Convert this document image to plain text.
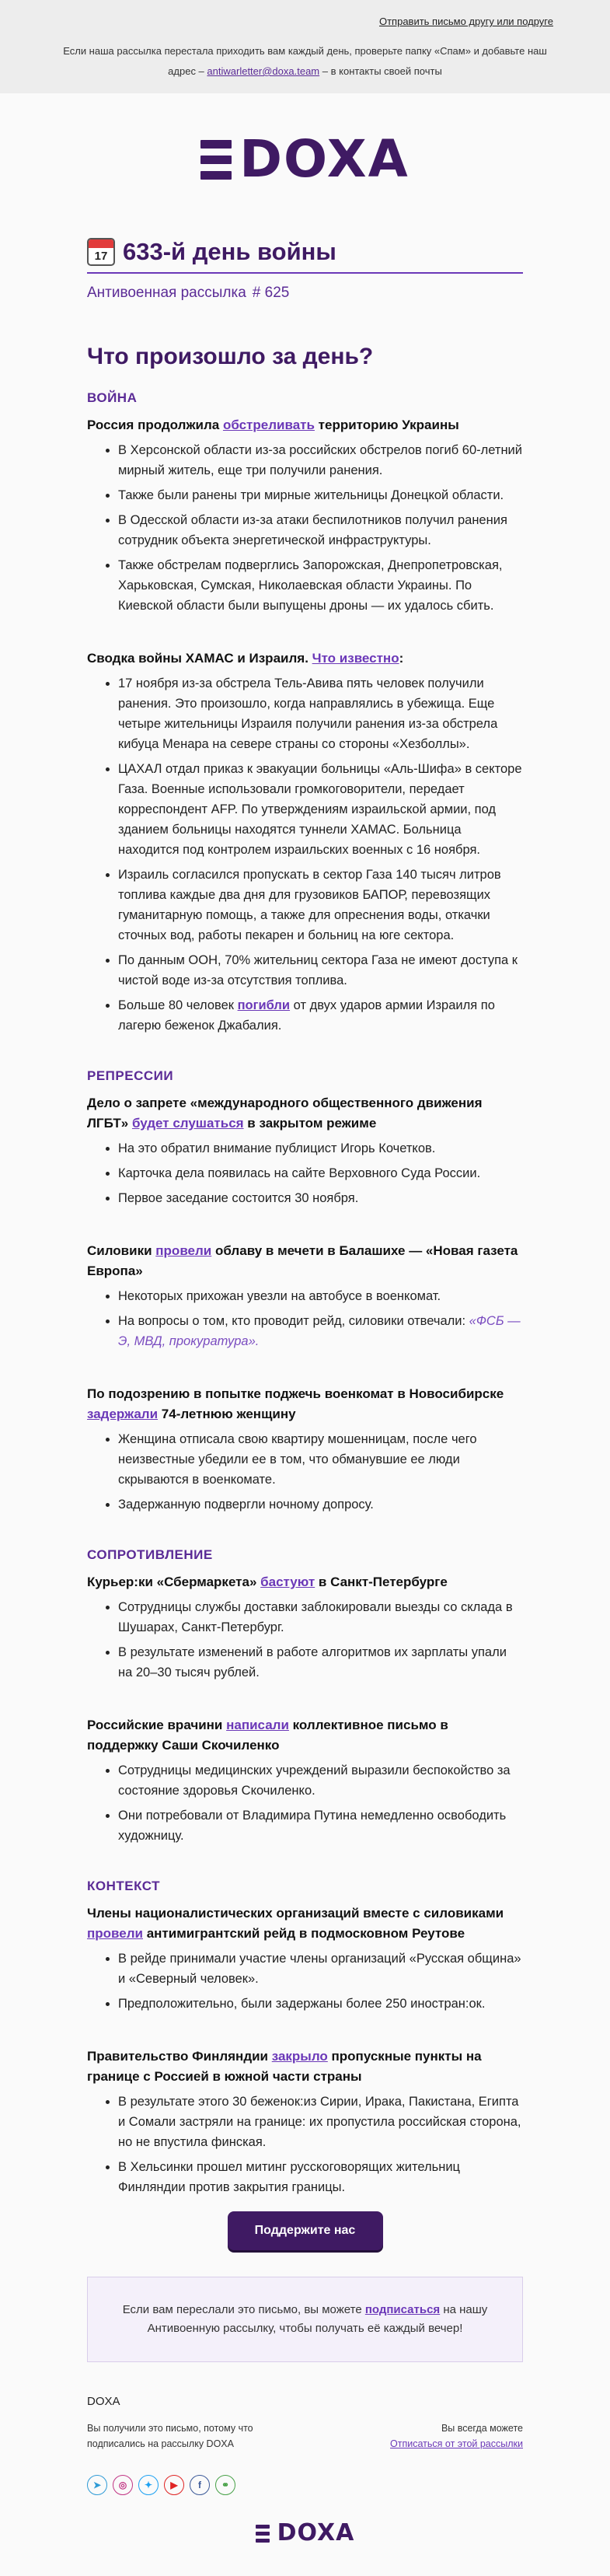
Отправить письмо другу или подруге
Если наша рассылка перестала приходить вам каждый день, проверьте папку «Спам» и добавьте наш адрес – antiwarletter@doxa.team – в контакты своей почты
DOXA
17 633-й день войны
Антивоенная рассылка # 625
Что произошло за день?
ВОЙНА
Россия продолжила обстреливать территорию Украины
• В Херсонской области из-за российских обстрелов погиб 60-летний мирный житель, еще три получили ранения.
• Также были ранены три мирные жительницы Донецкой области.
• В Одесской области из-за атаки беспилотников получил ранения сотрудник объекта энергетической инфраструктуры.
• Также обстрелам подверглись Запорожская, Днепропетровская, Харьковская, Сумская, Николаевская области Украины. По Киевской области были выпущены дроны — их удалось сбить.
Сводка войны ХАМАС и Израиля. Что известно:
• 17 ноября из-за обстрела Тель-Авива пять человек получили ранения. Это произошло, когда направлялись в убежища. Еще четыре жительницы Израиля получили ранения из-за обстрела кибуца Менара на севере страны со стороны «Хезболлы».
• ЦАХАЛ отдал приказ к эвакуации больницы «Аль-Шифа» в секторе Газа. Военные использовали громкоговорители, передает корреспондент AFP. По утверждениям израильской армии, под зданием больницы находятся туннели ХАМАС. Больница находится под контролем израильских военных с 16 ноября.
• Израиль согласился пропускать в сектор Газа 140 тысяч литров топлива каждые два дня для грузовиков БАПОР, перевозящих гуманитарную помощь, а также для опреснения воды, откачки сточных вод, работы пекарен и больниц на юге сектора.
• По данным ООН, 70% жительниц сектора Газа не имеют доступа к чистой воде из-за отсутствия топлива.
• Больше 80 человек погибли от двух ударов армии Израиля по лагерю беженок Джабалия.
РЕПРЕССИИ
Дело о запрете «международного общественного движения ЛГБТ» будет слушаться в закрытом режиме
• На это обратил внимание публицист Игорь Кочетков.
• Карточка дела появилась на сайте Верховного Суда России.
• Первое заседание состоится 30 ноября.
Силовики провели облаву в мечети в Балашихе — «Новая газета Европа»
• Некоторых прихожан увезли на автобусе в военкомат.
• На вопросы о том, кто проводит рейд, силовики отвечали: «ФСБ — Э, МВД, прокуратура».
По подозрению в попытке поджечь военкомат в Новосибирске задержали 74-летнюю женщину
• Женщина отписала свою квартиру мошенницам, после чего неизвестные убедили ее в том, что обманувшие ее люди скрываются в военкомате.
• Задержанную подвергли ночному допросу.
СОПРОТИВЛЕНИЕ
Курьер:ки «Сбермаркета» бастуют в Санкт-Петербурге
• Сотрудницы службы доставки заблокировали выезды со склада в Шушарах, Санкт-Петербург.
• В результате изменений в работе алгоритмов их зарплаты упали на 20–30 тысяч рублей.
Российские врачини написали коллективное письмо в поддержку Саши Скочиленко
• Сотрудницы медицинских учреждений выразили беспокойство за состояние здоровья Скочиленко.
• Они потребовали от Владимира Путина немедленно освободить художницу.
КОНТЕКСТ
Члены националистических организаций вместе с силовиками провели антимигрантский рейд в подмосковном Реутове
• В рейде принимали участие члены организаций «Русская община» и «Северный человек».
• Предположительно, были задержаны более 250 иностран:ок.
Правительство Финляндии закрыло пропускные пункты на границе с Россией в южной части страны
• В результате этого 30 беженок:из Сирии, Ирака, Пакистана, Египта и Сомали застряли на границе: их пропустила российская сторона, но не впустила финская.
• В Хельсинки прошел митинг русскоговорящих жительниц Финляндии против закрытия границы.
Поддержите нас
Если вам переслали это письмо, вы можете подписаться на нашу Антивоенную рассылку, чтобы получать её каждый вечер!
DOXA
Вы получили это письмо, потому что подписались на рассылку DOXA
Вы всегда можете
Отписаться от этой рассылки
➤	◎	✦	▶	f	⚭
DOXA
